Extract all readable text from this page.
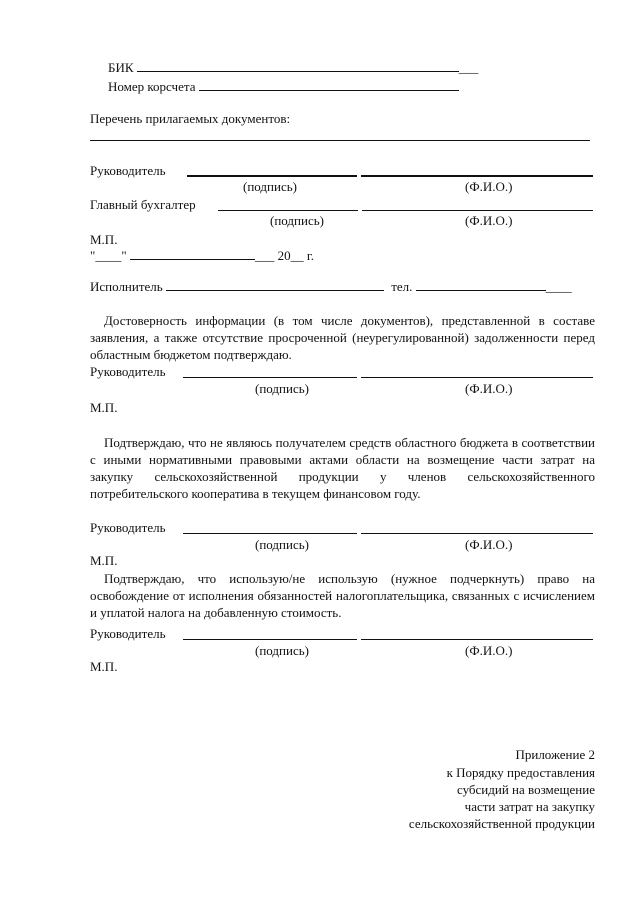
БИК	___
Номер корсчета
Перечень прилагаемых документов:
Руководитель
(подпись)	(Ф.И.О.)
Главный бухгалтер
(подпись)	(Ф.И.О.)
М.П.
"____"	___ 20__ г.
Исполнитель	тел.	____
Достоверность информации (в том числе документов), представленной в составе заявления, а также отсутствие просроченной (неурегулированной) задолженности перед областным бюджетом подтверждаю.
Руководитель
(подпись)	(Ф.И.О.)
М.П.
Подтверждаю, что не являюсь получателем средств областного бюджета в соответствии с иными нормативными правовыми актами области на возмещение части затрат на закупку сельскохозяйственной продукции у членов сельскохозяйственного потребительского кооператива в текущем финансовом году.
Руководитель
(подпись)	(Ф.И.О.)
М.П.
Подтверждаю, что использую/не использую (нужное подчеркнуть) право на освобождение от исполнения обязанностей налогоплательщика, связанных с исчислением и уплатой налога на добавленную стоимость.
Руководитель
(подпись)	(Ф.И.О.)
М.П.
Приложение 2
к Порядку предоставления
субсидий на возмещение
части затрат на закупку
сельскохозяйственной продукции
